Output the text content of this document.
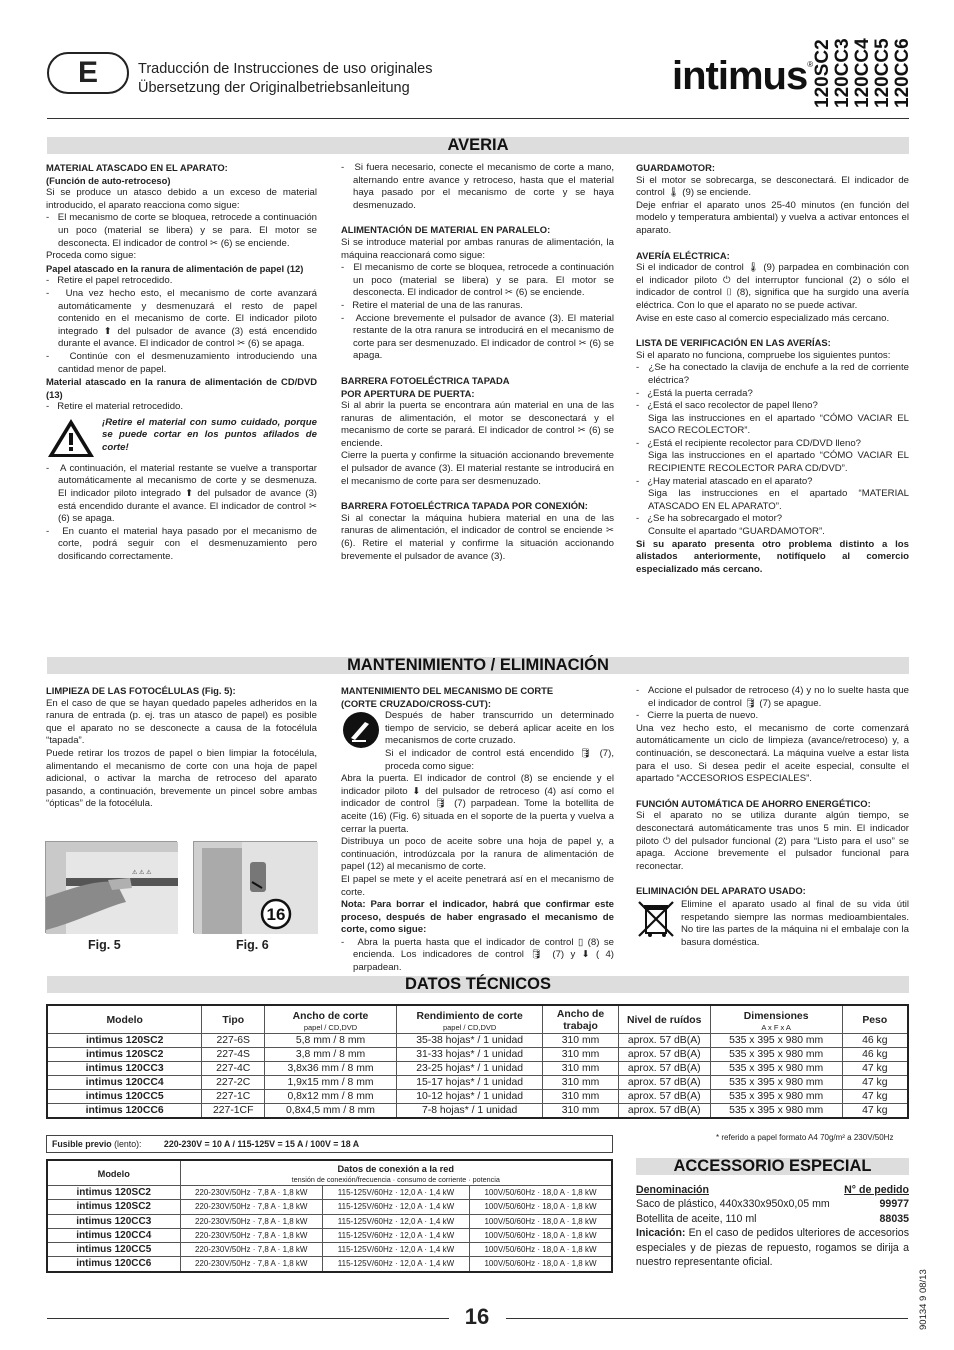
E	Traducción de Instrucciones de uso originales
Übersetzung der Originalbetriebsanleitung	intimus® 120SC2 120CC3 120CC4 120CC5 120CC6
AVERIA

MATERIAL ATASCADO EN EL APARATO:

(Función de auto-retroceso)

Si se produce un atasco debido a un exceso de material introducido, el aparato reacciona como sigue:

-   El mecanismo de corte se bloquea, retrocede a continuación un poco (material se libera) y se para. El motor se desconecta. El indicador de control ✂ (6) se enciende.

Proceda como sigue:

Papel atascado en la ranura de alimentación de papel (12)

-   Retire el papel retrocedido.

-   Una vez hecho esto, el mecanismo de corte avanzará automáticamente y desmenuzará el resto de papel contenido en el mecanismo de corte. El indicador piloto integrado ⬆ del pulsador de avance (3) está encendido durante el avance. El indicador de control ✂ (6) se apaga.

-   Continúe con el desmenuzamiento introduciendo una cantidad menor de papel.

Material atascado en la ranura de alimentación de CD/DVD (13)

-   Retire el material retrocedido.

¡Retire el material con sumo cuidado, porque se puede cortar en los puntos afilados de corte!

-   A continuación, el material restante se vuelve a transportar automáticamente al mecanismo de corte y se desmenuza. El indicador piloto integrado ⬆ del pulsador de avance (3) está encendido durante el avance. El indicador de control ✂ (6) se apaga.

-   En cuanto el material haya pasado por el mecanismo de corte, podrá seguir con el desmenuzamiento pero dosificando correctamente.

-   Si fuera necesario, conecte el mecanismo de corte a mano, alternando entre avance y retroceso, hasta que el material haya pasado por el mecanismo de corte y se haya desmenuzado.

ALIMENTACIÓN DE MATERIAL EN PARALELO:

Si se introduce material por ambas ranuras de alimentación, la máquina reaccionará como sigue:

-   El mecanismo de corte se bloquea, retrocede a continuación un poco (material se libera) y se para. El motor se desconecta. El indicador de control ✂ (6) se enciende.

-   Retire el material de una de las ranuras.

-   Accione brevemente el pulsador de avance (3). El material restante de la otra ranura se introducirá en el mecanismo de corte para ser desmenuzado. El indicador de control ✂ (6) se apaga.

BARRERA FOTOELÉCTRICA TAPADA

POR APERTURA DE PUERTA:

Si al abrir la puerta se encontrara aún material en una de las ranuras de alimentación, el motor se desconectará y el mecanismo de corte se parará. El indicador de control ✂ (6) se enciende.

Cierre la puerta y confirme la situación accionando brevemente el pulsador de avance (3). El material restante se introducirá en el mecanismo de corte para ser desmenuzado.

BARRERA FOTOELÉCTRICA TAPADA POR CONEXIÓN:

Si al conectar la máquina hubiera material en una de las ranuras de alimentación, el indicador de control se enciende ✂ (6). Retire el material y confirme la situación accionando brevemente el pulsador de avance (3).

GUARDAMOTOR:

Si el motor se sobrecarga, se desconectará. El indicador de control 🌡 (9) se enciende.

Deje enfriar el aparato unos 25-40 minutos (en función del modelo y temperatura ambiental) y vuelva a activar entonces el aparato.

AVERÍA ELÉCTRICA:

Si el indicador de control 🌡 (9) parpadea en combinación con el indicador piloto ⏻ del interruptor funcional (2) o sólo el indicador de control ▯ (8), significa que ha surgido una avería eléctrica. Con lo que el aparato no se puede activar.

Avise en este caso al comercio especializado más cercano.

LISTA DE VERIFICACIÓN EN LAS AVERÍAS:

Si el aparato no funciona, compruebe los siguientes puntos:

-   ¿Se ha conectado la clavija de enchufe a la red de corriente eléctrica?

-   ¿Está la puerta cerrada?

-   ¿Está el saco recolector de papel lleno?

Siga las instrucciones en el apartado “CÓMO VACIAR EL SACO RECOLECTOR”.

-   ¿Está el recipiente recolector para CD/DVD lleno?

Siga las instrucciones en el apartado “CÓMO VACIAR EL RECIPIENTE RECOLECTOR PARA CD/DVD”.

-   ¿Hay material atascado en el aparato?

Siga las instrucciones en el apartado “MATERIAL ATASCADO EN EL APARATO”.

-   ¿Se ha sobrecargado el motor?

Consulte el apartado “GUARDAMOTOR”.

Si su aparato presenta otro problema distinto a los alistados anteriormente, notifíquelo al comercio especializado más cercano.

MANTENIMIENTO / ELIMINACIÓN

LIMPIEZA DE LAS FOTOCÉLULAS (Fig. 5):

En el caso de que se hayan quedado papeles adheridos en la ranura de entrada (p. ej. tras un atasco de papel) es posible que el aparato no se desconecte a causa de la fotocélula “tapada”.

Puede retirar los trozos de papel o bien limpiar la fotocélula, alimentando el mecanismo de corte con una hoja de papel adicional, o activar la marcha de retroceso del aparato pasando, a continuación, brevemente un pincel sobre ambas “ópticas” de la fotocélula.

⚠ ⚠ ⚠
Fig. 5
16
Fig. 6

MANTENIMIENTO DEL MECANISMO DE CORTE

(CORTE CRUZADO/CROSS-CUT):

Después de haber transcurrido un determinado tiempo de servicio, se deberá aplicar aceite en los mecanismos de corte cruzado.

Si el indicador de control está encendido 🛢 (7), proceda como sigue:

Abra la puerta. El indicador de control (8) se enciende y el indicador piloto ⬇ del pulsador de retroceso (4) así como el indicador de control 🛢 (7) parpadean. Tome la botellita de aceite (16) (Fig. 6) situada en el soporte de la puerta y vuelva a cerrar la puerta.

Distribuya un poco de aceite sobre una hoja de papel y, a continuación, introdúzcala por la ranura de alimentación de papel (12) al mecanismo de corte.

El papel se mete y el aceite penetrará así en el mecanismo de corte.

Nota: Para borrar el indicador, habrá que confirmar este proceso, después de haber engrasado el mecanismo de corte, como sigue:

-   Abra la puerta hasta que el indicador de control ▯ (8) se encienda. Los indicadores de control 🛢 (7) y ⬇ ( 4) parpadean.

-   Accione el pulsador de retroceso (4) y no lo suelte hasta que el indicador de control 🛢 (7) se apague.

-   Cierre la puerta de nuevo.

Una vez hecho esto, el mecanismo de corte comenzará automáticamente un ciclo de limpieza (avance/retroceso) y, a continuación, se desconectará. La máquina vuelve a estar lista para el uso. Si desea pedir el aceite especial, consulte el apartado “ACCESORIOS ESPECIALES”.

FUNCIÓN AUTOMÁTICA DE AHORRO ENERGÉTICO:

Si el aparato no se utiliza durante algún tiempo, se desconectará automáticamente tras unos 5 min. El indicador piloto ⏻ del pulsador funcional (2) para “Listo para el uso” se apaga. Accione brevemente el pulsador funcional para reconectar.

ELIMINACIÓN DEL APARATO USADO:

Elimine el aparato usado al final de su vida útil respetando siempre las normas medioambientales. No tire las partes de la máquina ni el embalaje con la basura doméstica.

DATOS TÉCNICOS
Modelo	Tipo	Ancho de corte
papel / CD,DVD	Rendimiento de corte
papel / CD,DVD	Ancho de trabajo	Nivel de ruídos	Dimensiones
A x F x A	Peso

intimus 120SC2	227-6S	5,8 mm / 8 mm	35-38 hojas* / 1 unidad	310 mm	aprox. 57 dB(A)	535 x 395 x 980 mm	46 kg
intimus 120SC2	227-4S	3,8 mm / 8 mm	31-33 hojas* / 1 unidad	310 mm	aprox. 57 dB(A)	535 x 395 x 980 mm	46 kg
intimus 120CC3	227-4C	3,8x36 mm / 8 mm	23-25 hojas* / 1 unidad	310 mm	aprox. 57 dB(A)	535 x 395 x 980 mm	47 kg
intimus 120CC4	227-2C	1,9x15 mm / 8 mm	15-17 hojas* / 1 unidad	310 mm	aprox. 57 dB(A)	535 x 395 x 980 mm	47 kg
intimus 120CC5	227-1C	0,8x12 mm / 8 mm	10-12 hojas* / 1 unidad	310 mm	aprox. 57 dB(A)	535 x 395 x 980 mm	47 kg
intimus 120CC6	227-1CF	0,8x4,5 mm / 8 mm	7-8 hojas* / 1 unidad	310 mm	aprox. 57 dB(A)	535 x 395 x 980 mm	47 kg
Fusible previo (lento):	220-230V = 10 A / 115-125V = 15 A / 100V = 18 A
* referido a papel formato A4 70g/m² a 230V/50Hz
Modelo	Datos de conexión a la red
tensión de conexión/frecuencia · consumo de corriente · potencia		

intimus 120SC2	220-230V/50Hz · 7,8 A · 1,8 kW	115-125V/60Hz · 12,0 A · 1,4 kW	100V/50/60Hz · 18,0 A · 1,8 kW
intimus 120SC2	220-230V/50Hz · 7,8 A · 1,8 kW	115-125V/60Hz · 12,0 A · 1,4 kW	100V/50/60Hz · 18,0 A · 1,8 kW
intimus 120CC3	220-230V/50Hz · 7,8 A · 1,8 kW	115-125V/60Hz · 12,0 A · 1,4 kW	100V/50/60Hz · 18,0 A · 1,8 kW
intimus 120CC4	220-230V/50Hz · 7,8 A · 1,8 kW	115-125V/60Hz · 12,0 A · 1,4 kW	100V/50/60Hz · 18,0 A · 1,8 kW
intimus 120CC5	220-230V/50Hz · 7,8 A · 1,8 kW	115-125V/60Hz · 12,0 A · 1,4 kW	100V/50/60Hz · 18,0 A · 1,8 kW
intimus 120CC6	220-230V/50Hz · 7,8 A · 1,8 kW	115-125V/60Hz · 12,0 A · 1,4 kW	100V/50/60Hz · 18,0 A · 1,8 kW
ACCESSORIO ESPECIAL
Denominación	N° de pedido
Saco de plástico, 440x330x950x0,05 mm	99977
Botellita de aceite, 110 ml	88035

Inicación: En el caso de pedidos ulteriores de accesorios especiales y de piezas de repuesto, rogamos se dirija a nuestro representante oficial.

16	90134 9 08/13
